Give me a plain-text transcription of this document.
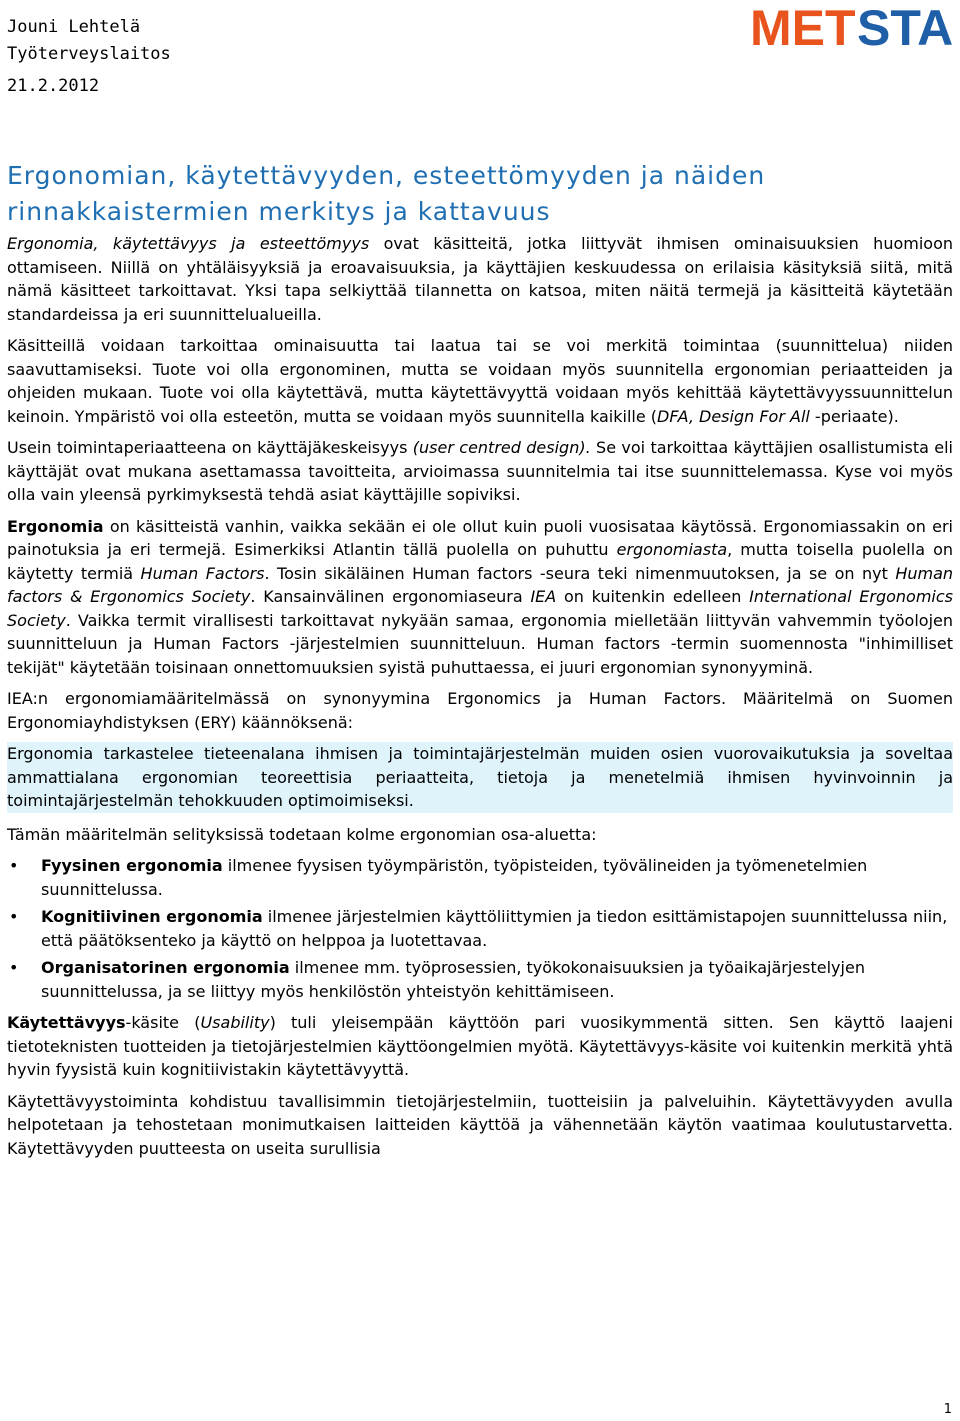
Jouni Lehtelä
Työterveyslaitos
21.2.2012
MET STA
Ergonomian, käytettävyyden, esteettömyyden ja näiden rinnakkaistermien merkitys ja kattavuus

Ergonomia, käytettävyys ja esteettömyys ovat käsitteitä, jotka liittyvät ihmisen ominaisuuksien huomioon ottamiseen. Niillä on yhtäläisyyksiä ja eroavaisuuksia, ja käyttäjien keskuudessa on erilaisia käsityksiä siitä, mitä nämä käsitteet tarkoittavat. Yksi tapa selkiyttää tilannetta on katsoa, miten näitä termejä ja käsitteitä käytetään standardeissa ja eri suunnittelualueilla.

Käsitteillä voidaan tarkoittaa ominaisuutta tai laatua tai se voi merkitä toimintaa (suunnittelua) niiden saavuttamiseksi. Tuote voi olla ergonominen, mutta se voidaan myös suunnitella ergonomian periaatteiden ja ohjeiden mukaan. Tuote voi olla käytettävä, mutta käytettävyyttä voidaan myös kehittää käytettävyyssuunnittelun keinoin. Ympäristö voi olla esteetön, mutta se voidaan myös suunnitella kaikille (DFA, Design For All -periaate).

Usein toimintaperiaatteena on käyttäjäkeskeisyys (user centred design). Se voi tarkoittaa käyttäjien osallistumista eli käyttäjät ovat mukana asettamassa tavoitteita, arvioimassa suunnitelmia tai itse suunnittelemassa. Kyse voi myös olla vain yleensä pyrkimyksestä tehdä asiat käyttäjille sopiviksi.

Ergonomia on käsitteistä vanhin, vaikka sekään ei ole ollut kuin puoli vuosisataa käytössä. Ergonomiassakin on eri painotuksia ja eri termejä. Esimerkiksi Atlantin tällä puolella on puhuttu ergonomiasta, mutta toisella puolella on käytetty termiä Human Factors. Tosin sikäläinen Human factors -seura teki nimenmuutoksen, ja se on nyt Human factors & Ergonomics Society. Kansainvälinen ergonomiaseura IEA on kuitenkin edelleen International Ergonomics Society. Vaikka termit virallisesti tarkoittavat nykyään samaa, ergonomia mielletään liittyvän vahvemmin työolojen suunnitteluun ja Human Factors -järjestelmien suunnitteluun. Human factors -termin suomennosta "inhimilliset tekijät" käytetään toisinaan onnettomuuksien syistä puhuttaessa, ei juuri ergonomian synonyyminä.

IEA:n ergonomiamääritelmässä on synonyymina Ergonomics ja Human Factors. Määritelmä on Suomen Ergonomiayhdistyksen (ERY) käännöksenä:

Ergonomia tarkastelee tieteenalana ihmisen ja toimintajärjestelmän muiden osien vuorovaikutuksia ja soveltaa ammattialana ergonomian teoreettisia periaatteita, tietoja ja menetelmiä ihmisen hyvinvoinnin ja toimintajärjestelmän tehokkuuden optimoimiseksi.

Tämän määritelmän selityksissä todetaan kolme ergonomian osa-aluetta:

• Fyysinen ergonomia ilmenee fyysisen työympäristön, työpisteiden, työvälineiden ja työmenetelmien suunnittelussa.
• Kognitiivinen ergonomia ilmenee järjestelmien käyttöliittymien ja tiedon esittämistapojen suunnittelussa niin, että päätöksenteko ja käyttö on helppoa ja luotettavaa.
• Organisatorinen ergonomia ilmenee mm. työprosessien, työkokonaisuuksien ja työaikajärjestelyjen suunnittelussa, ja se liittyy myös henkilöstön yhteistyön kehittämiseen.

Käytettävyys-käsite (Usability) tuli yleisempään käyttöön pari vuosikymmentä sitten. Sen käyttö laajeni tietoteknisten tuotteiden ja tietojärjestelmien käyttöongelmien myötä. Käytettävyys-käsite voi kuitenkin merkitä yhtä hyvin fyysistä kuin kognitiivistakin käytettävyyttä.

Käytettävyystoiminta kohdistuu tavallisimmin tietojärjestelmiin, tuotteisiin ja palveluihin. Käytettävyyden avulla helpotetaan ja tehostetaan monimutkaisen laitteiden käyttöä ja vähennetään käytön vaatimaa koulutustarvetta. Käytettävyyden puutteesta on useita surullisia

1
